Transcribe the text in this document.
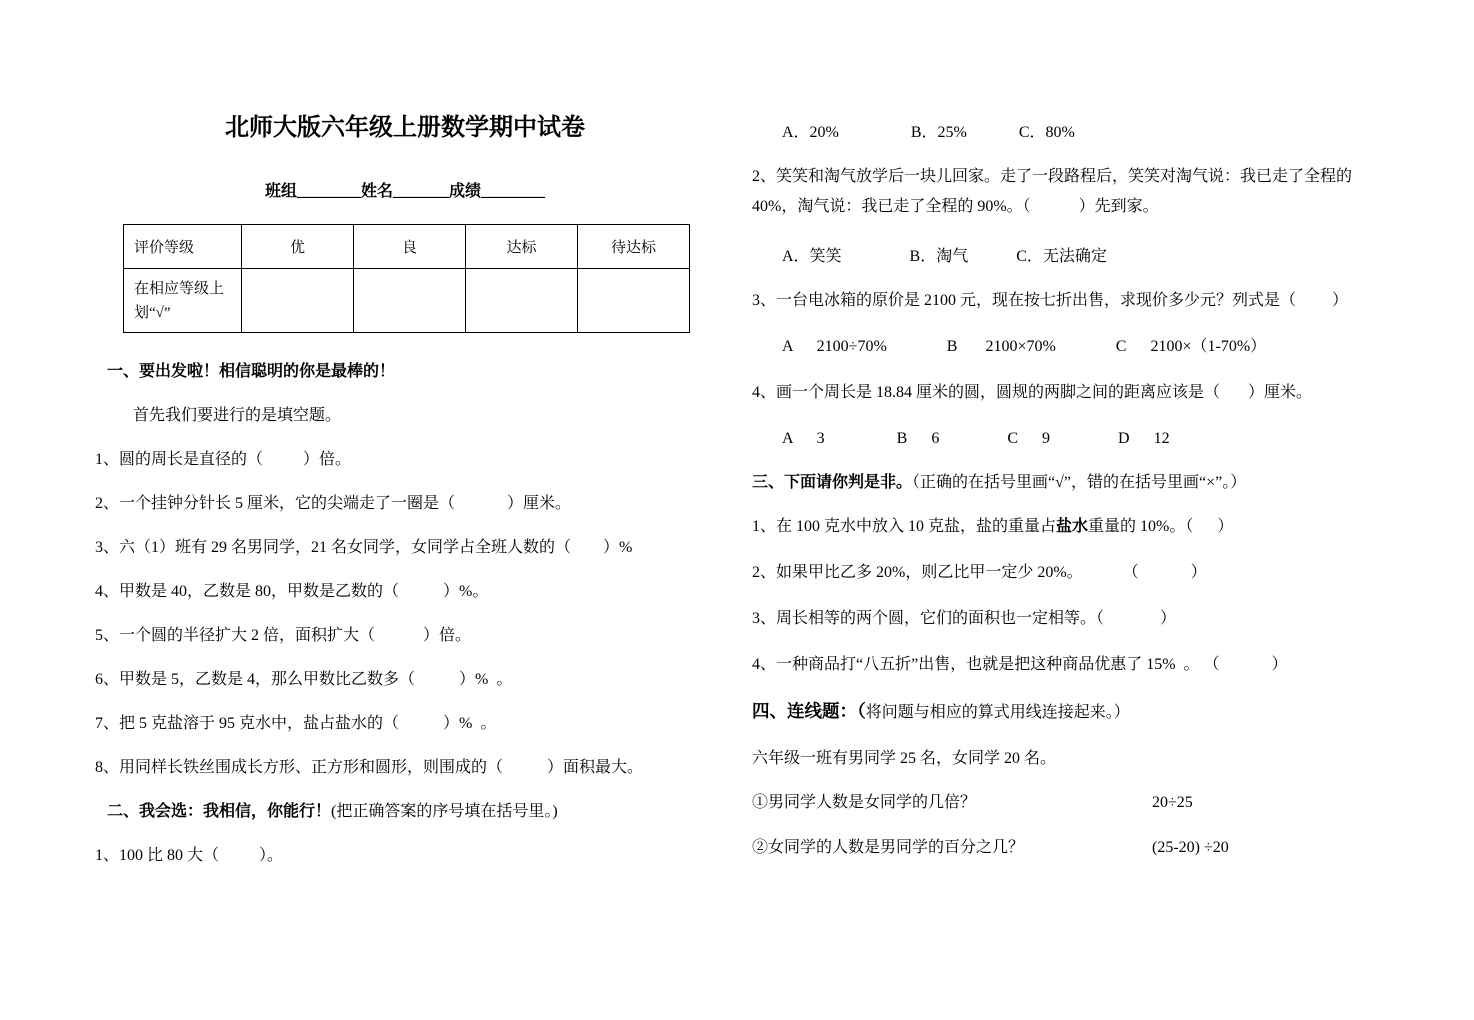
北师大版六年级上册数学期中试卷

班组________姓名_______成绩________

评价等级	优	良	达标	待达标
在相应等级上划“√”				

一、要出发啦！相信聪明的你是最棒的！

首先我们要进行的是填空题。

1、圆的周长是直径的（          ）倍。

2、一个挂钟分针长 5 厘米，它的尖端走了一圈是（             ）厘米。

3、六（1）班有 29 名男同学，21 名女同学，女同学占全班人数的（        ）%

4、甲数是 40，乙数是 80，甲数是乙数的（           ）%。

5、一个圆的半径扩大 2 倍，面积扩大（            ）倍。

6、甲数是 5，乙数是 4，那么甲数比乙数多（           ）%  。

7、把 5 克盐溶于 95 克水中，盐占盐水的（           ）%  。

8、用同样长铁丝围成长方形、正方形和圆形，则围成的（           ）面积最大。

二、我会选：我相信，你能行！(把正确答案的序号填在括号里。)

1、100 比 80 大（          ）。

A．20%                  B．25%             C．80%

2、笑笑和淘气放学后一块儿回家。走了一段路程后，笑笑对淘气说：我已走了全程的 40%，淘气说：我已走了全程的 90%。（            ）先到家。

A．笑笑                 B．淘气            C．无法确定

3、一台电冰箱的原价是 2100 元，现在按七折出售，求现价多少元？列式是（         ）

A      2100÷70%               B       2100×70%               C      2100×（1-70%）

4、画一个周长是 18.84 厘米的圆，圆规的两脚之间的距离应该是（       ）厘米。

A      3                  B      6                 C      9                 D      12

三、下面请你判是非。（正确的在括号里画“√”，错的在括号里画“×”。）

1、在 100 克水中放入 10 克盐，盐的重量占盐水重量的 10%。（      ）

2、如果甲比乙多 20%，则乙比甲一定少 20%。          （             ）

3、周长相等的两个圆，它们的面积也一定相等。（              ）

4、一种商品打“八五折”出售，也就是把这种商品优惠了 15%  。 （             ）

四、连线题：（将问题与相应的算式用线连接起来。）

六年级一班有男同学 25 名，女同学 20 名。

①男同学人数是女同学的几倍？	20÷25
②女同学的人数是男同学的百分之几？	(25-20) ÷20
